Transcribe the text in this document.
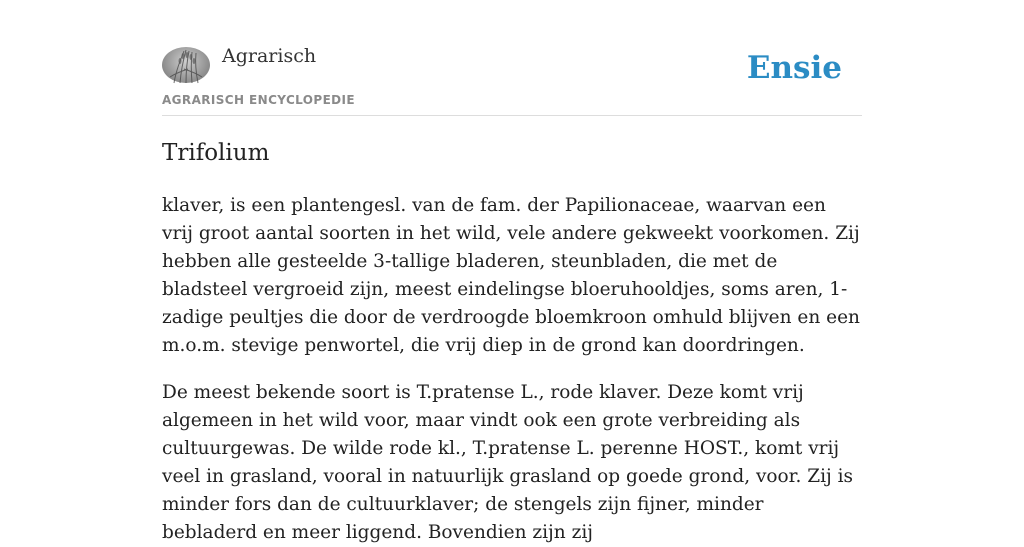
Agrarisch
AGRARISCH ENCYCLOPEDIE
Ensie
Trifolium

klaver, is een plantengesl. van de fam. der Papilionaceae, waarvan een vrij groot aantal soorten in het wild, vele andere gekweekt voorkomen. Zij hebben alle gesteelde 3-tallige bladeren, steunbladen, die met de bladsteel vergroeid zijn, meest eindelingse bloeruhooldjes, soms aren, 1-zadige peultjes die door de verdroogde bloemkroon omhuld blijven en een m.o.m. stevige penwortel, die vrij diep in de grond kan doordringen.

De meest bekende soort is T.pratense L., rode klaver. Deze komt vrij algemeen in het wild voor, maar vindt ook een grote verbreiding als cultuurgewas. De wilde rode kl., T.pratense L. perenne HOST., komt vrij veel in grasland, vooral in natuurlijk grasland op goede grond, voor. Zij is minder fors dan de cultuurklaver; de stengels zijn fijner, minder bebladerd en meer liggend. Bovendien zijn zij
